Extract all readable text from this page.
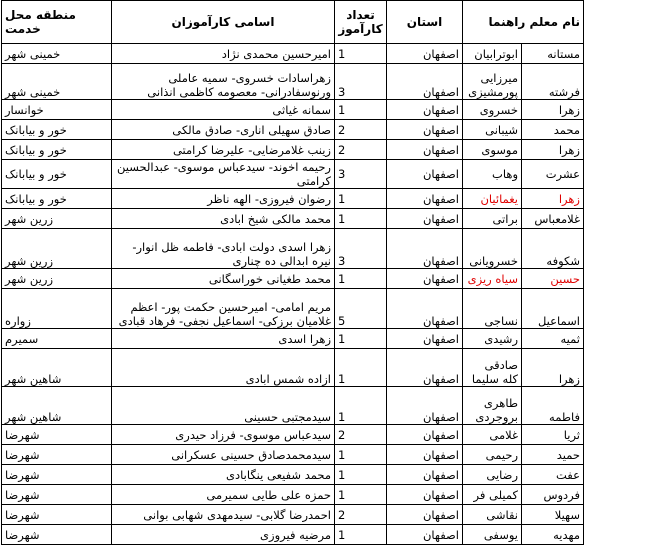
منطقه محل خدمت	اسامی کارآموزان	تعداد کارآموز	استان	نام معلم راهنما	
خمینی شهر	امیرحسین محمدی نژاد	1	اصفهان	ابوترابیان	مستانه
خمینی شهر	زهراسادات خسروی- سمیه عاملی ورنوسفادرانی- معصومه کاظمی انذانی	3	اصفهان	میرزایی پورمشیزی	فرشته
خوانسار	سمانه غیاثی	1	اصفهان	خسروی	زهرا
خور و بیابانک	صادق سهیلی اناری- صادق مالکی	2	اصفهان	شیبانی	محمد
خور و بیابانک	زینب غلامرضایی- علیرضا کرامتی	2	اصفهان	موسوی	زهرا
خور و بیابانک	رحیمه اخوند- سیدعباس موسوی- عبدالحسین کرامتی	3	اصفهان	وهاب	عشرت
خور و بیابانک	رضوان فیروزی- الهه ناظر	1	اصفهان	یغمائیان	زهرا
زرین شهر	محمد مالکی شیخ ابادی	1	اصفهان	براتی	غلامعباس
زرین شهر	زهرا اسدی دولت ابادی- فاطمه ظل انوار-نیره ابدالی ده چناری	3	اصفهان	خسرویانی	شکوفه
زرین شهر	محمد طغیانی خوراسگانی	1	اصفهان	سیاه ریزی	حسین
زوارە	مریم امامی- امیرحسین حکمت پور- اعظم غلامیان برزکی- اسماعیل نجفی- فرهاد قبادی	5	اصفهان	نساجی	اسماعیل
سمیرم	زهرا اسدی	1	اصفهان	رشیدی	ثمیه
شاهین شهر	ازاده شمس ابادی	1	اصفهان	صادقی کله سلیما	زهرا
شاهین شهر	سیدمجتبی حسینی	1	اصفهان	طاهری بروجردی	فاطمه
شهرضا	سیدعباس موسوی- فرزاد حیدری	2	اصفهان	غلامی	ثریا
شهرضا	سیدمحمدصادق حسینی عسکرانی	1	اصفهان	رحیمی	حمید
شهرضا	محمد شفیعی ینگابادی	1	اصفهان	رضایی	عفت
شهرضا	حمزه علی طایی سمیرمی	1	اصفهان	کمیلی فر	فردوس
شهرضا	احمدرضا گلابی- سیدمهدی شهابی بوانی	2	اصفهان	نقاشی	سهیلا
شهرضا	مرضیه فیروزی	1	اصفهان	یوسفی	مهدیه
